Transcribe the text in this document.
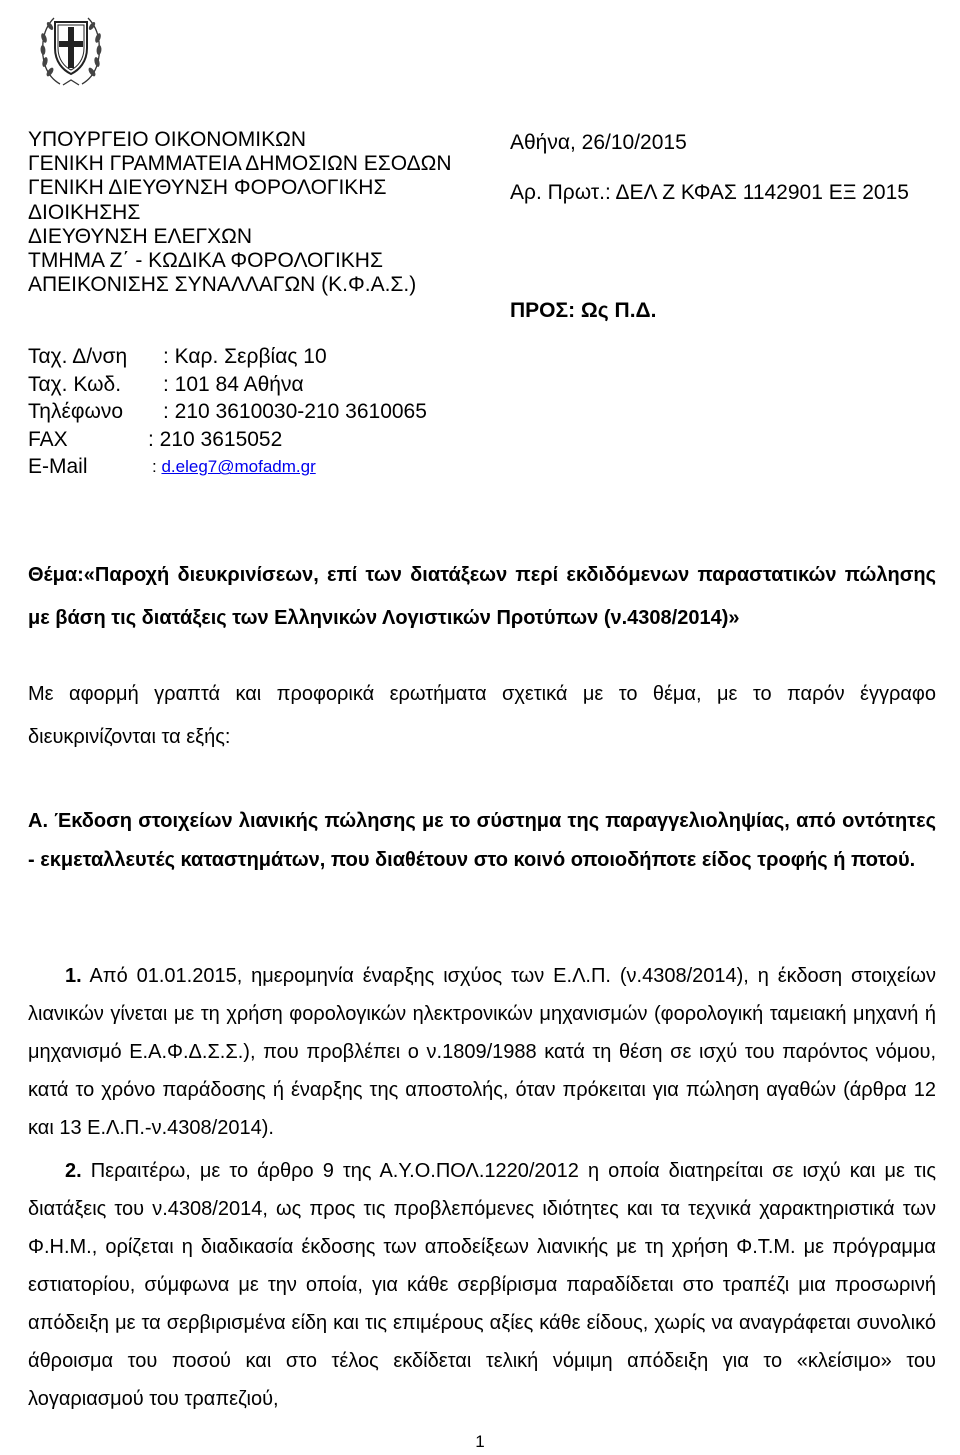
ΥΠΟΥΡΓΕΙΟ ΟΙΚΟΝΟΜΙΚΩΝ
ΓΕΝΙΚΗ ΓΡΑΜΜΑΤΕΙΑ ΔΗΜΟΣΙΩΝ ΕΣΟΔΩΝ
ΓΕΝΙΚΗ ΔΙΕΥΘΥΝΣΗ ΦΟΡΟΛΟΓΙΚΗΣ
ΔΙΟΙΚΗΣΗΣ
ΔΙΕΥΘΥΝΣΗ ΕΛΕΓΧΩΝ
ΤΜΗΜΑ Ζ΄ - ΚΩΔΙΚΑ ΦΟΡΟΛΟΓΙΚΗΣ
ΑΠΕΙΚΟΝΙΣΗΣ ΣΥΝΑΛΛΑΓΩΝ (Κ.Φ.Α.Σ.)
Αθήνα, 26/10/2015
Αρ. Πρωτ.: ΔΕΛ Ζ ΚΦΑΣ 1142901 ΕΞ 2015
ΠΡΟΣ: Ως Π.Δ.
Ταχ. Δ/νση : Καρ. Σερβίας 10
Ταχ. Κωδ. : 101 84 Αθήνα
Τηλέφωνο : 210 3610030-210 3610065
FAX	: 210 3615052
E-Mail	: d.eleg7@mofadm.gr
Θέμα:«Παροχή διευκρινίσεων, επί των διατάξεων περί εκδιδόμενων παραστατικών πώλησης με βάση τις διατάξεις των Ελληνικών Λογιστικών Προτύπων (ν.4308/2014)»
Με αφορμή γραπτά και προφορικά ερωτήματα σχετικά με το θέμα, με το παρόν έγγραφο διευκρινίζονται τα εξής:
Α. Έκδοση στοιχείων λιανικής πώλησης με το σύστημα της παραγγελιοληψίας, από οντότητες - εκμεταλλευτές καταστημάτων, που διαθέτουν στο κοινό οποιοδήποτε είδος τροφής ή ποτού.
1. Από 01.01.2015, ημερομηνία έναρξης ισχύος των Ε.Λ.Π. (ν.4308/2014), η έκδοση στοιχείων λιανικών γίνεται με τη χρήση φορολογικών ηλεκτρονικών μηχανισμών (φορολογική ταμειακή μηχανή ή μηχανισμό Ε.Α.Φ.Δ.Σ.Σ.), που προβλέπει ο ν.1809/1988 κατά τη θέση σε ισχύ του παρόντος νόμου, κατά το χρόνο παράδοσης ή έναρξης της αποστολής, όταν πρόκειται για πώληση αγαθών (άρθρα 12 και 13 Ε.Λ.Π.-ν.4308/2014).
2. Περαιτέρω, με το άρθρο 9 της Α.Υ.Ο.ΠΟΛ.1220/2012 η οποία διατηρείται σε ισχύ και με τις διατάξεις του ν.4308/2014, ως προς τις προβλεπόμενες ιδιότητες και τα τεχνικά χαρακτηριστικά των Φ.Η.Μ., ορίζεται η διαδικασία έκδοσης των αποδείξεων λιανικής με τη χρήση Φ.Τ.Μ. με πρόγραμμα εστιατορίου, σύμφωνα με την οποία, για κάθε σερβίρισμα παραδίδεται στο τραπέζι μια προσωρινή απόδειξη με τα σερβιρισμένα είδη και τις επιμέρους αξίες κάθε είδους, χωρίς να αναγράφεται συνολικό άθροισμα του ποσού και στο τέλος εκδίδεται τελική νόμιμη απόδειξη για το «κλείσιμο» του λογαριασμού του τραπεζιού,
1
